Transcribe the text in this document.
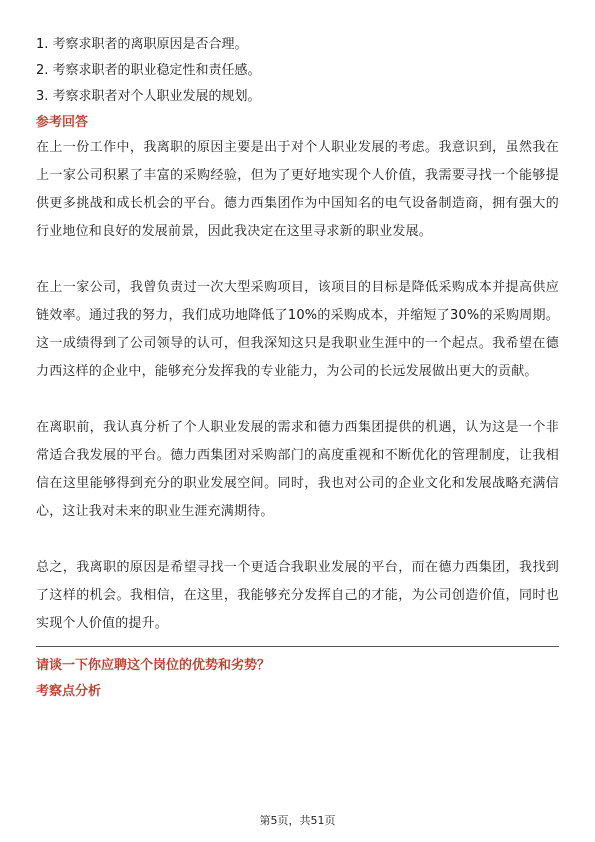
1. 考察求职者的离职原因是否合理。

2. 考察求职者的职业稳定性和责任感。

3. 考察求职者对个人职业发展的规划。

参考回答

在上一份工作中，我离职的原因主要是出于对个人职业发展的考虑。我意识到，虽然我在上一家公司积累了丰富的采购经验，但为了更好地实现个人价值，我需要寻找一个能够提供更多挑战和成长机会的平台。德力西集团作为中国知名的电气设备制造商，拥有强大的行业地位和良好的发展前景，因此我决定在这里寻求新的职业发展。

在上一家公司，我曾负责过一次大型采购项目，该项目的目标是降低采购成本并提高供应链效率。通过我的努力，我们成功地降低了10%的采购成本，并缩短了30%的采购周期。这一成绩得到了公司领导的认可，但我深知这只是我职业生涯中的一个起点。我希望在德力西这样的企业中，能够充分发挥我的专业能力，为公司的长远发展做出更大的贡献。

在离职前，我认真分析了个人职业发展的需求和德力西集团提供的机遇，认为这是一个非常适合我发展的平台。德力西集团对采购部门的高度重视和不断优化的管理制度，让我相信在这里能够得到充分的职业发展空间。同时，我也对公司的企业文化和发展战略充满信心，这让我对未来的职业生涯充满期待。

总之，我离职的原因是希望寻找一个更适合我职业发展的平台，而在德力西集团，我找到了这样的机会。我相信，在这里，我能够充分发挥自己的才能，为公司创造价值，同时也实现个人价值的提升。

请谈一下你应聘这个岗位的优势和劣势？

考察点分析

第5页，共51页
